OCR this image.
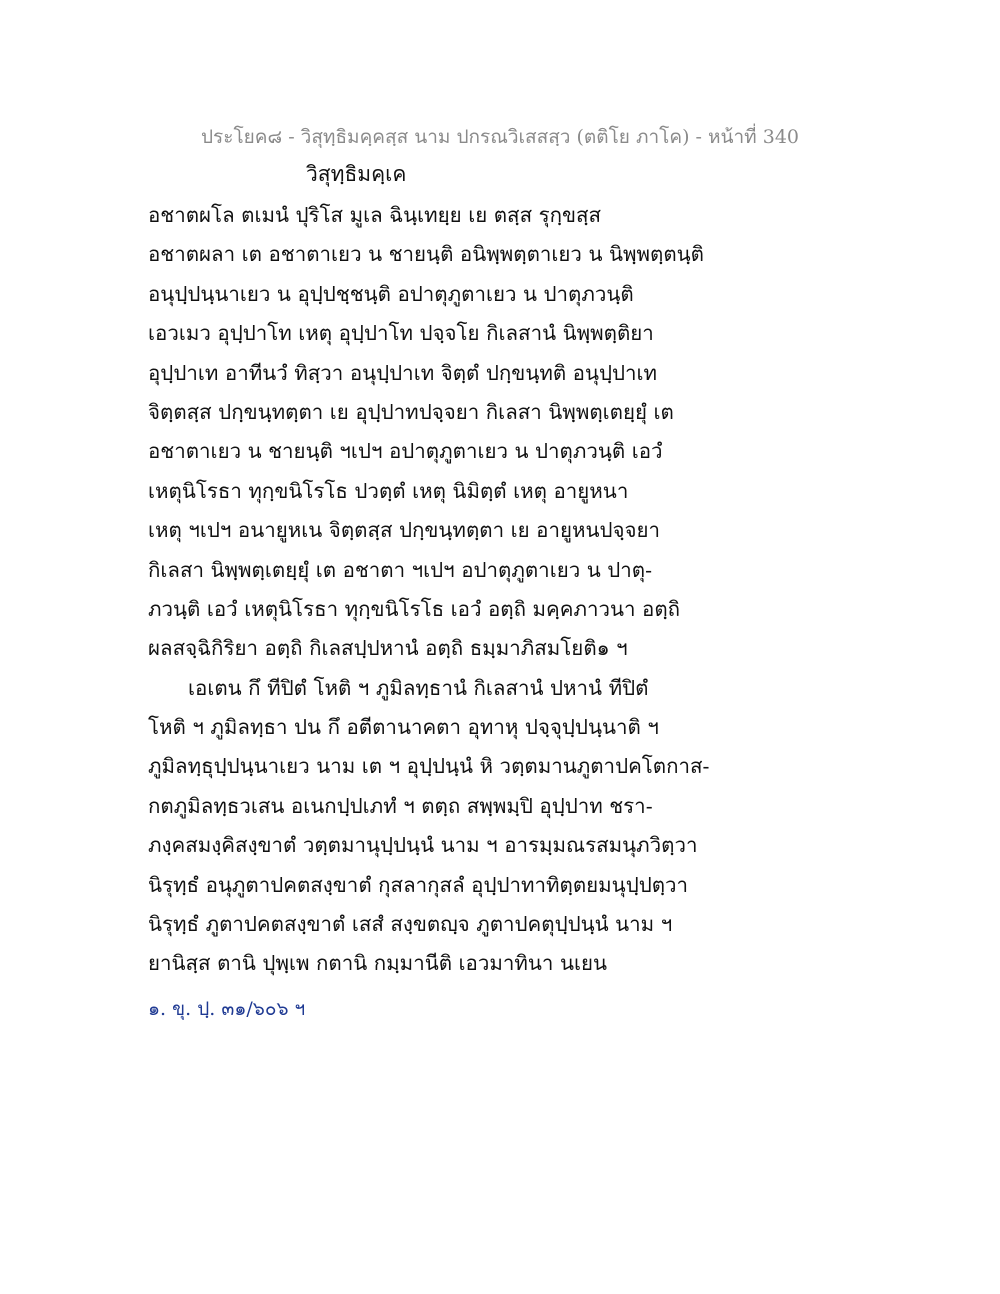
ประโยค๘ - วิสุทฺธิมคฺคสฺส นาม ปกรณวิเสสสฺว (ตติโย ภาโค) - หน้าที่ 340
วิสุทฺธิมคฺเค
อชาตผโล ตเมนํ ปุริโส มูเล ฉินฺเทยฺย เย ตสฺส รุกฺขสฺส
อชาตผลา เต อชาตาเยว น ชายนฺติ อนิพฺพตฺตาเยว น นิพฺพตฺตนฺติ
อนุปฺปนฺนาเยว น อุปฺปชฺชนฺติ อปาตุภูตาเยว น ปาตุภวนฺติ
เอวเมว อุปฺปาโท เหตุ อุปฺปาโท ปจฺจโย กิเลสานํ นิพฺพตฺติยา
อุปฺปาเท อาทีนวํ ทิสฺวา อนุปฺปาเท จิตฺตํ ปกฺขนฺทติ อนุปฺปาเท
จิตฺตสฺส ปกฺขนฺทตฺตา เย อุปฺปาทปจฺจยา กิเลสา นิพฺพตฺเตยฺยุํ เต
อชาตาเยว น ชายนฺติ ฯเปฯ อปาตุภูตาเยว น ปาตุภวนฺติ เอวํ
เหตุนิโรธา ทุกฺขนิโรโธ ปวตฺตํ เหตุ นิมิตฺตํ เหตุ อายูหนา
เหตุ ฯเปฯ อนายูหเน จิตฺตสฺส ปกฺขนฺทตฺตา เย อายูหนปจฺจยา
กิเลสา นิพฺพตฺเตยฺยุํ เต อชาตา ฯเปฯ อปาตุภูตาเยว น ปาตุ-
ภวนฺติ เอวํ เหตุนิโรธา ทุกฺขนิโรโธ เอวํ อตฺถิ มคฺคภาวนา อตฺถิ
ผลสจฺฉิกิริยา อตฺถิ กิเลสปฺปหานํ อตฺถิ ธมฺมาภิสมโยติ๑ ฯ
เอเตน กึ ทีปิตํ โหติ ฯ ภูมิลทฺธานํ กิเลสานํ ปหานํ ทีปิตํ
โหติ ฯ ภูมิลทฺธา ปน กึ อตีตานาคตา อุทาหุ ปจฺจุปฺปนฺนาติ ฯ
ภูมิลทฺธุปฺปนฺนาเยว นาม เต ฯ อุปฺปนฺนํ หิ วตฺตมานภูตาปคโตกาส-
กตภูมิลทฺธวเสน อเนกปฺปเภทํ ฯ ตตฺถ สพฺพมฺปิ อุปฺปาท ชรา-
ภงฺคสมงฺคิสงฺขาตํ วตฺตมานุปฺปนฺนํ นาม ฯ อารมฺมณรสมนุภวิตฺวา
นิรุทฺธํ อนุภูตาปคตสงฺขาตํ กุสลากุสลํ อุปฺปาทาทิตฺตยมนุปฺปตฺวา
นิรุทฺธํ ภูตาปคตสงฺขาตํ เสสํ สงฺขตญฺจ ภูตาปคตุปฺปนฺนํ นาม ฯ
ยานิสฺส ตานิ ปุพฺเพ กตานิ กมฺมานีติ เอวมาทินา นเยน
๑. ขุ. ปฺ. ๓๑/๖๐๖ ฯ
